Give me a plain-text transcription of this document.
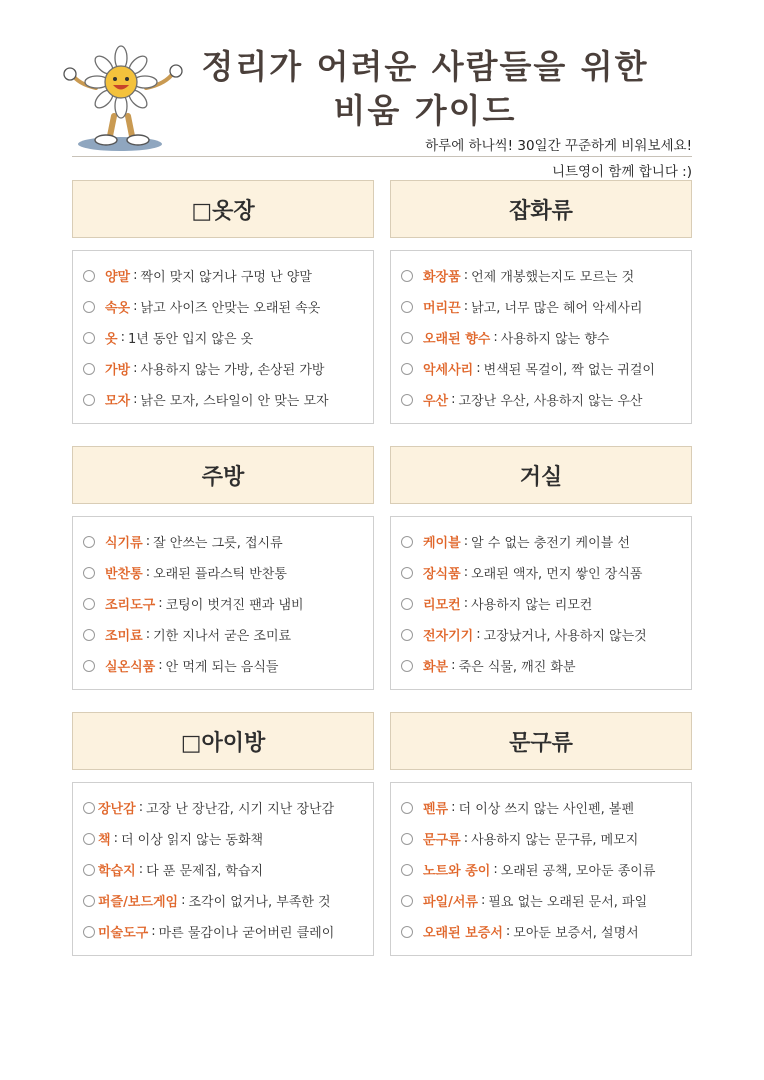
정리가 어려운 사람들을 위한
비움 가이드
하루에 하나씩! 30일간 꾸준하게 비워보세요!
니트영이 함께 합니다 :)
□옷장
양말 : 짝이 맞지 않거나 구멍 난 양말
속옷 : 낡고 사이즈 안맞는 오래된 속옷
옷 : 1년 동안 입지 않은 옷
가방 : 사용하지 않는 가방, 손상된 가방
모자 : 낡은 모자, 스타일이 안 맞는 모자
잡화류
화장품 : 언제 개봉했는지도 모르는 것
머리끈 : 낡고, 너무 많은 헤어 악세사리
오래된 향수 : 사용하지 않는 향수
악세사리 : 변색된 목걸이, 짝 없는 귀걸이
우산 : 고장난 우산, 사용하지 않는 우산
주방
식기류 : 잘 안쓰는 그릇, 접시류
반찬통 : 오래된 플라스틱 반찬통
조리도구 : 코팅이 벗겨진 팬과 냄비
조미료 : 기한 지나서 굳은 조미료
실온식품 : 안 먹게 되는 음식들
거실
케이블 : 알 수 없는 충전기 케이블 선
장식품 : 오래된 액자, 먼지 쌓인 장식품
리모컨 : 사용하지 않는 리모컨
전자기기 : 고장났거나, 사용하지 않는것
화분 : 죽은 식물, 깨진 화분
□아이방
장난감 : 고장 난 장난감, 시기 지난 장난감
책 : 더 이상 읽지 않는 동화책
학습지 : 다 푼 문제집, 학습지
퍼즐/보드게임 : 조각이 없거나, 부족한 것
미술도구 : 마른 물감이나 굳어버린 클레이
문구류
펜류 : 더 이상 쓰지 않는 사인펜, 볼펜
문구류 : 사용하지 않는 문구류, 메모지
노트와 종이 : 오래된 공책, 모아둔 종이류
파일/서류 : 필요 없는 오래된 문서, 파일
오래된 보증서 : 모아둔 보증서, 설명서
